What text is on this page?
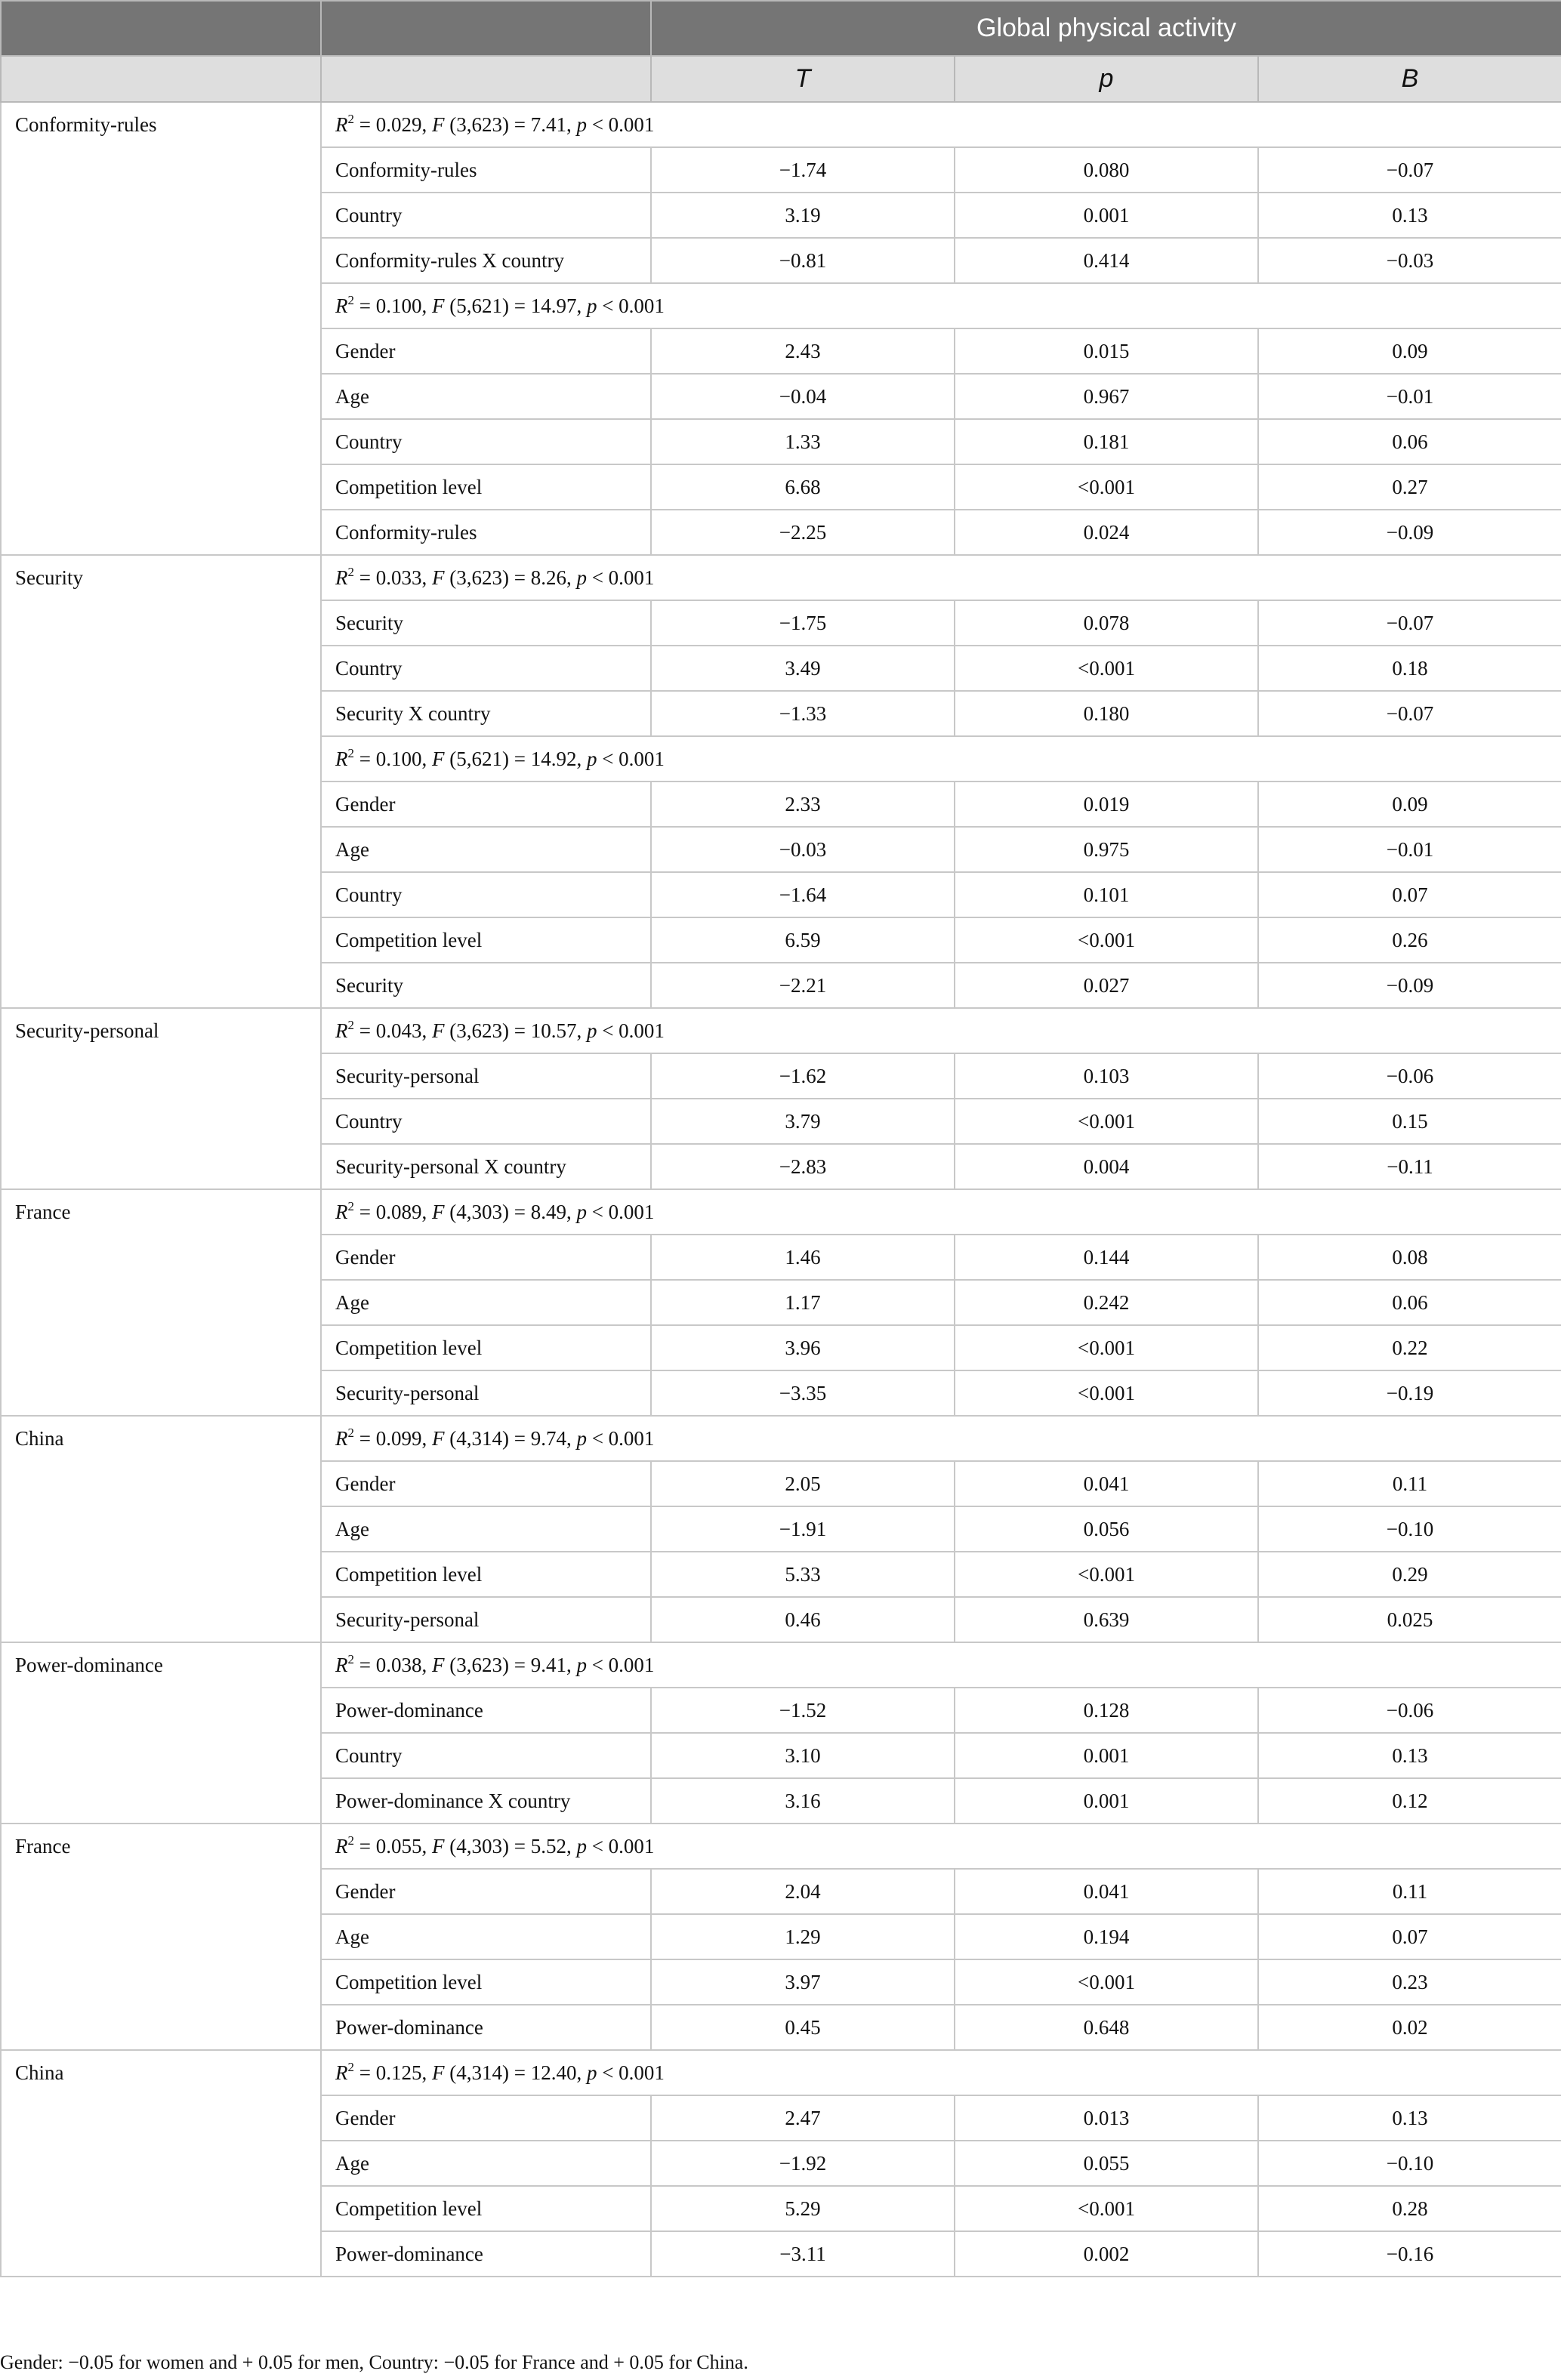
		Global physical activity		
		T	p	B
Conformity-rules	$R^2 = 0.029$, F (3,623) = 7.41, p < 0.001			
	Conformity-rules	−1.74	0.080	−0.07
	Country	3.19	0.001	0.13
	Conformity-rules X country	−0.81	0.414	−0.03
	$R^2 = 0.100$, F (5,621) = 14.97, p < 0.001			
	Gender	2.43	0.015	0.09
	Age	−0.04	0.967	−0.01
	Country	1.33	0.181	0.06
	Competition level	6.68	<0.001	0.27
	Conformity-rules	−2.25	0.024	−0.09
Security	$R^2 = 0.033$, F (3,623) = 8.26, p < 0.001			
	Security	−1.75	0.078	−0.07
	Country	3.49	<0.001	0.18
	Security X country	−1.33	0.180	−0.07
	$R^2 = 0.100$, F (5,621) = 14.92, p < 0.001			
	Gender	2.33	0.019	0.09
	Age	−0.03	0.975	−0.01
	Country	−1.64	0.101	0.07
	Competition level	6.59	<0.001	0.26
	Security	−2.21	0.027	−0.09
Security-personal	$R^2 = 0.043$, F (3,623) = 10.57, p < 0.001			
	Security-personal	−1.62	0.103	−0.06
	Country	3.79	<0.001	0.15
	Security-personal X country	−2.83	0.004	−0.11
France	$R^2 = 0.089$, F (4,303) = 8.49, p < 0.001			
	Gender	1.46	0.144	0.08
	Age	1.17	0.242	0.06
	Competition level	3.96	<0.001	0.22
	Security-personal	−3.35	<0.001	−0.19
China	$R^2 = 0.099$, F (4,314) = 9.74, p < 0.001			
	Gender	2.05	0.041	0.11
	Age	−1.91	0.056	−0.10
	Competition level	5.33	<0.001	0.29
	Security-personal	0.46	0.639	0.025
Power-dominance	$R^2 = 0.038$, F (3,623) = 9.41, p < 0.001			
	Power-dominance	−1.52	0.128	−0.06
	Country	3.10	0.001	0.13
	Power-dominance X country	3.16	0.001	0.12
France	$R^2 = 0.055$, F (4,303) = 5.52, p < 0.001			
	Gender	2.04	0.041	0.11
	Age	1.29	0.194	0.07
	Competition level	3.97	<0.001	0.23
	Power-dominance	0.45	0.648	0.02
China	$R^2 = 0.125$, F (4,314) = 12.40, p < 0.001			
	Gender	2.47	0.013	0.13
	Age	−1.92	0.055	−0.10
	Competition level	5.29	<0.001	0.28
	Power-dominance	−3.11	0.002	−0.16
Gender: −0.05 for women and + 0.05 for men, Country: −0.05 for France and + 0.05 for China.
